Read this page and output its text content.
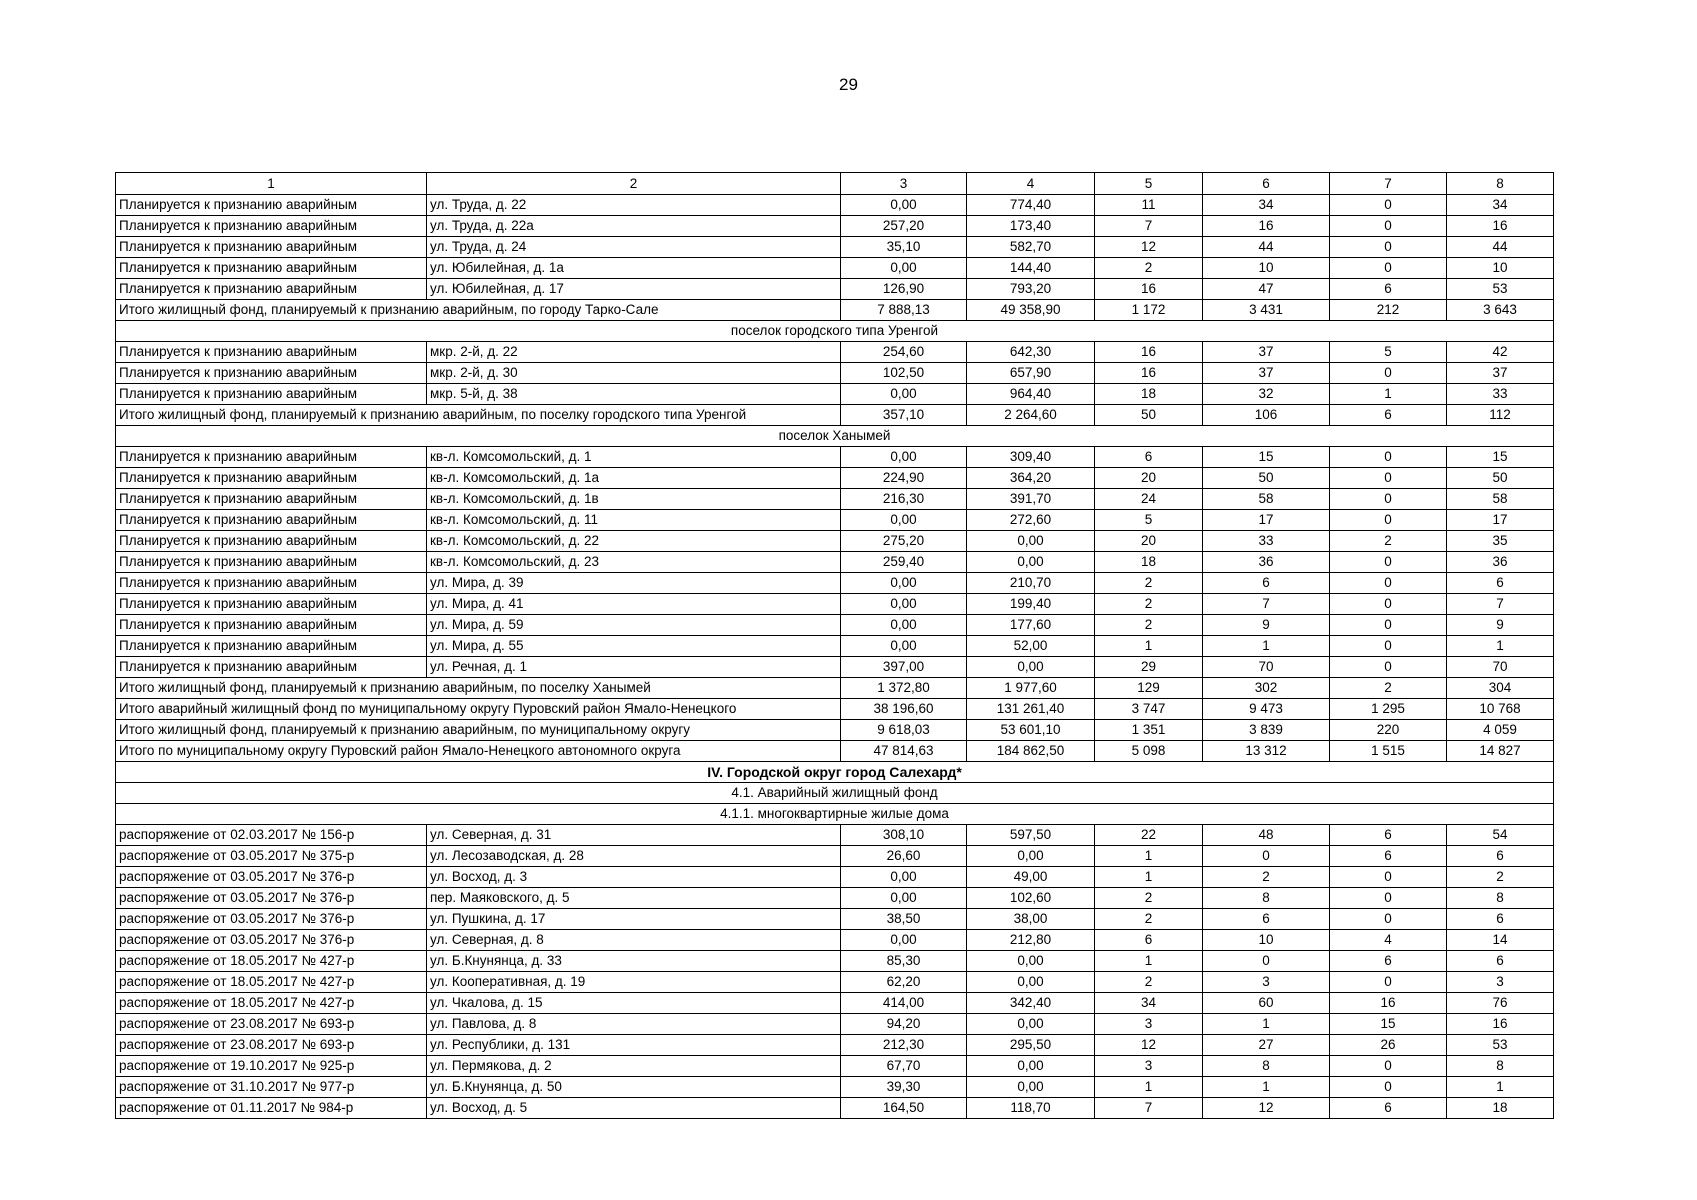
29
1	2	3	4	5	6	7	8
Планируется к признанию аварийным	ул. Труда, д. 22	0,00	774,40	11	34	0	34
Планируется к признанию аварийным	ул. Труда, д. 22а	257,20	173,40	7	16	0	16
Планируется к признанию аварийным	ул. Труда, д. 24	35,10	582,70	12	44	0	44
Планируется к признанию аварийным	ул. Юбилейная, д. 1а	0,00	144,40	2	10	0	10
Планируется к признанию аварийным	ул. Юбилейная, д. 17	126,90	793,20	16	47	6	53
Итого жилищный фонд, планируемый к признанию аварийным, по городу Тарко-Сале		7 888,13	49 358,90	1 172	3 431	212	3 643
поселок городского типа Уренгой							
Планируется к признанию аварийным	мкр. 2-й, д. 22	254,60	642,30	16	37	5	42
Планируется к признанию аварийным	мкр. 2-й, д. 30	102,50	657,90	16	37	0	37
Планируется к признанию аварийным	мкр. 5-й, д. 38	0,00	964,40	18	32	1	33
Итого жилищный фонд, планируемый к признанию аварийным, по поселку городского типа Уренгой		357,10	2 264,60	50	106	6	112
поселок Ханымей							
Планируется к признанию аварийным	кв-л. Комсомольский, д. 1	0,00	309,40	6	15	0	15
Планируется к признанию аварийным	кв-л. Комсомольский, д. 1а	224,90	364,20	20	50	0	50
Планируется к признанию аварийным	кв-л. Комсомольский, д. 1в	216,30	391,70	24	58	0	58
Планируется к признанию аварийным	кв-л. Комсомольский, д. 11	0,00	272,60	5	17	0	17
Планируется к признанию аварийным	кв-л. Комсомольский, д. 22	275,20	0,00	20	33	2	35
Планируется к признанию аварийным	кв-л. Комсомольский, д. 23	259,40	0,00	18	36	0	36
Планируется к признанию аварийным	ул. Мира, д. 39	0,00	210,70	2	6	0	6
Планируется к признанию аварийным	ул. Мира, д. 41	0,00	199,40	2	7	0	7
Планируется к признанию аварийным	ул. Мира, д. 59	0,00	177,60	2	9	0	9
Планируется к признанию аварийным	ул. Мира, д. 55	0,00	52,00	1	1	0	1
Планируется к признанию аварийным	ул. Речная, д. 1	397,00	0,00	29	70	0	70
Итого жилищный фонд, планируемый к признанию аварийным, по поселку Ханымей		1 372,80	1 977,60	129	302	2	304
Итого аварийный жилищный фонд по муниципальному округу Пуровский район Ямало-Ненецкого		38 196,60	131 261,40	3 747	9 473	1 295	10 768
Итого жилищный фонд, планируемый к признанию аварийным, по муниципальному округу		9 618,03	53 601,10	1 351	3 839	220	4 059
Итого по муниципальному округу Пуровский район Ямало-Ненецкого автономного округа		47 814,63	184 862,50	5 098	13 312	1 515	14 827
IV. Городской округ город Салехард*							
4.1. Аварийный жилищный фонд							
4.1.1. многоквартирные жилые дома							
распоряжение от 02.03.2017 № 156-р	ул. Северная, д. 31	308,10	597,50	22	48	6	54
распоряжение от 03.05.2017 № 375-р	ул. Лесозаводская, д. 28	26,60	0,00	1	0	6	6
распоряжение от 03.05.2017 № 376-р	ул. Восход, д. 3	0,00	49,00	1	2	0	2
распоряжение от 03.05.2017 № 376-р	пер. Маяковского, д. 5	0,00	102,60	2	8	0	8
распоряжение от 03.05.2017 № 376-р	ул. Пушкина, д. 17	38,50	38,00	2	6	0	6
распоряжение от 03.05.2017 № 376-р	ул. Северная, д. 8	0,00	212,80	6	10	4	14
распоряжение от 18.05.2017 № 427-р	ул. Б.Кнунянца, д. 33	85,30	0,00	1	0	6	6
распоряжение от 18.05.2017 № 427-р	ул. Кооперативная, д. 19	62,20	0,00	2	3	0	3
распоряжение от 18.05.2017 № 427-р	ул. Чкалова, д. 15	414,00	342,40	34	60	16	76
распоряжение от 23.08.2017 № 693-р	ул. Павлова, д. 8	94,20	0,00	3	1	15	16
распоряжение от 23.08.2017 № 693-р	ул. Республики, д. 131	212,30	295,50	12	27	26	53
распоряжение от 19.10.2017 № 925-р	ул. Пермякова, д. 2	67,70	0,00	3	8	0	8
распоряжение от 31.10.2017 № 977-р	ул. Б.Кнунянца, д. 50	39,30	0,00	1	1	0	1
распоряжение от 01.11.2017 № 984-р	ул. Восход, д. 5	164,50	118,70	7	12	6	18
